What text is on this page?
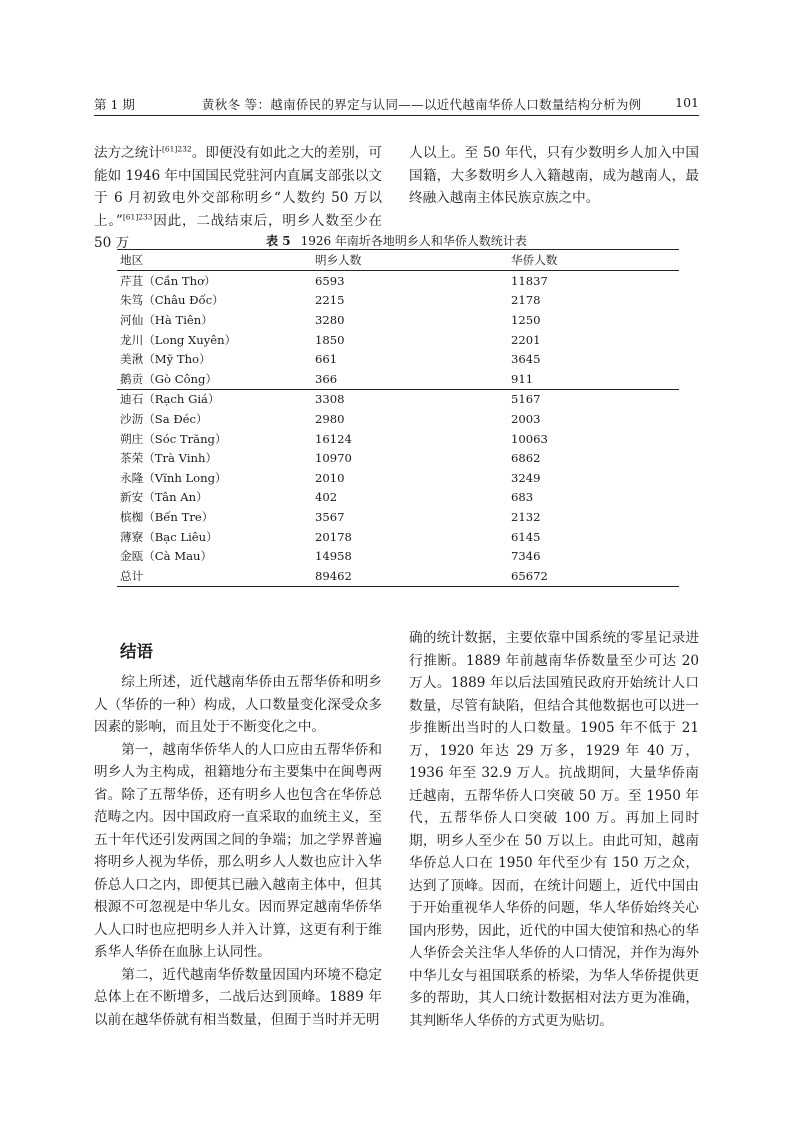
第 1 期	黄秋冬 等：越南侨民的界定与认同——以近代越南华侨人口数量结构分析为例	101

法方之统计$^{[61]232}$。即便没有如此之大的差别，可能如 1946 年中国国民党驻河内直属支部张以文于 6 月初致电外交部称明乡“人数约 50 万以上。”$^{[61]233}$因此，二战结束后，明乡人数至少在 50 万

人以上。至 50 年代，只有少数明乡人加入中国国籍，大多数明乡人入籍越南，成为越南人，最终融入越南主体民族京族之中。

表 5 1926 年南圻各地明乡人和华侨人数统计表
地区	明乡人数	华侨人数
芹苴（Cần Thơ）	6593	11837
朱笃（Châu Đốc）	2215	2178
河仙（Hà Tiên）	3280	1250
龙川（Long Xuyên）	1850	2201
美湫（Mỹ Tho）	661	3645
鹅贡（Gò Công）	366	911
迪石（Rạch Giá）	3308	5167
沙沥（Sa Đéc）	2980	2003
朔庄（Sóc Trăng）	16124	10063
茶荣（Trà Vinh）	10970	6862
永隆（Vĩnh Long）	2010	3249
新安（Tân An）	402	683
槟椥（Bến Tre）	3567	2132
薄寮（Bạc Liêu）	20178	6145
金瓯（Cà Mau）	14958	7346
总计	89462	65672
结语

综上所述，近代越南华侨由五帮华侨和明乡人（华侨的一种）构成，人口数量变化深受众多因素的影响，而且处于不断变化之中。

第一，越南华侨华人的人口应由五帮华侨和明乡人为主构成，祖籍地分布主要集中在闽粤两省。除了五帮华侨，还有明乡人也包含在华侨总范畴之内。因中国政府一直采取的血统主义，至五十年代还引发两国之间的争端；加之学界普遍将明乡人视为华侨，那么明乡人人数也应计入华侨总人口之内，即便其已融入越南主体中，但其根源不可忽视是中华儿女。因而界定越南华侨华人人口时也应把明乡人并入计算，这更有利于维系华人华侨在血脉上认同性。

第二，近代越南华侨数量因国内环境不稳定总体上在不断增多，二战后达到顶峰。1889 年以前在越华侨就有相当数量，但囿于当时并无明

确的统计数据，主要依靠中国系统的零星记录进行推断。1889 年前越南华侨数量至少可达 20 万人。1889 年以后法国殖民政府开始统计人口数量，尽管有缺陷，但结合其他数据也可以进一步推断出当时的人口数量。1905 年不低于 21 万，1920 年达 29 万多，1929 年 40 万，1936 年至 32.9 万人。抗战期间，大量华侨南迁越南，五帮华侨人口突破 50 万。至 1950 年代，五帮华侨人口突破 100 万。再加上同时期，明乡人至少在 50 万以上。由此可知，越南华侨总人口在 1950 年代至少有 150 万之众，达到了顶峰。因而，在统计问题上，近代中国由于开始重视华人华侨的问题，华人华侨始终关心国内形势，因此，近代的中国大使馆和热心的华人华侨会关注华人华侨的人口情况，并作为海外中华儿女与祖国联系的桥梁，为华人华侨提供更多的帮助，其人口统计数据相对法方更为准确，其判断华人华侨的方式更为贴切。
